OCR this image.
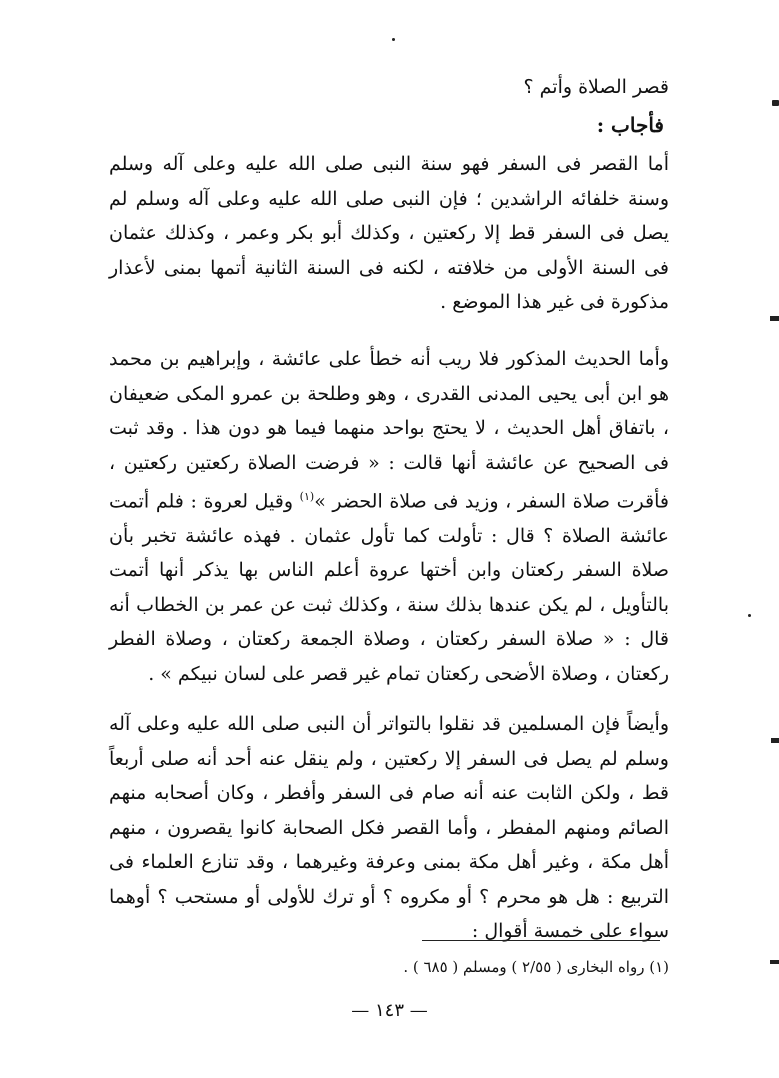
قصر الصلاة وأتم ؟
فأجاب :
أما القصر فى السفر فهو سنة النبى صلى الله عليه وعلى آله وسلم وسنة خلفائه الراشدين ؛ فإن النبى صلى الله عليه وعلى آله وسلم لم يصل فى السفر قط إلا ركعتين ، وكذلك أبو بكر وعمر ، وكذلك عثمان فى السنة الأولى من خلافته ، لكنه فى السنة الثانية أتمها بمنى لأعذار مذكورة فى غير هذا الموضع .
وأما الحديث المذكور فلا ريب أنه خطأ على عائشة ، وإبراهيم بن محمد هو ابن أبى يحيى المدنى القدرى ، وهو وطلحة بن عمرو المكى ضعيفان ، باتفاق أهل الحديث ، لا يحتج بواحد منهما فيما هو دون هذا . وقد ثبت فى الصحيح عن عائشة أنها قالت : « فرضت الصلاة ركعتين ركعتين ، فأقرت صلاة السفر ، وزيد فى صلاة الحضر »$^{(١)}$ وقيل لعروة : فلم أتمت عائشة الصلاة ؟ قال : تأولت كما تأول عثمان . فهذه عائشة تخبر بأن صلاة السفر ركعتان وابن أختها عروة أعلم الناس بها يذكر أنها أتمت بالتأويل ، لم يكن عندها بذلك سنة ، وكذلك ثبت عن عمر بن الخطاب أنه قال : « صلاة السفر ركعتان ، وصلاة الجمعة ركعتان ، وصلاة الفطر ركعتان ، وصلاة الأضحى ركعتان تمام غير قصر على لسان نبيكم » .
وأيضاً فإن المسلمين قد نقلوا بالتواتر أن النبى صلى الله عليه وعلى آله وسلم لم يصل فى السفر إلا ركعتين ، ولم ينقل عنه أحد أنه صلى أربعاً قط ، ولكن الثابت عنه أنه صام فى السفر وأفطر ، وكان أصحابه منهم الصائم ومنهم المفطر ، وأما القصر فكل الصحابة كانوا يقصرون ، منهم أهل مكة ، وغير أهل مكة بمنى وعرفة وغيرهما ، وقد تنازع العلماء فى التربيع : هل هو محرم ؟ أو مكروه ؟ أو ترك للأولى أو مستحب ؟ أوهما سواء على خمسة أقوال :
(١) رواه البخارى ( ٢/٥٥ ) ومسلم ( ٦٨٥ ) .
— ١٤٣ —
